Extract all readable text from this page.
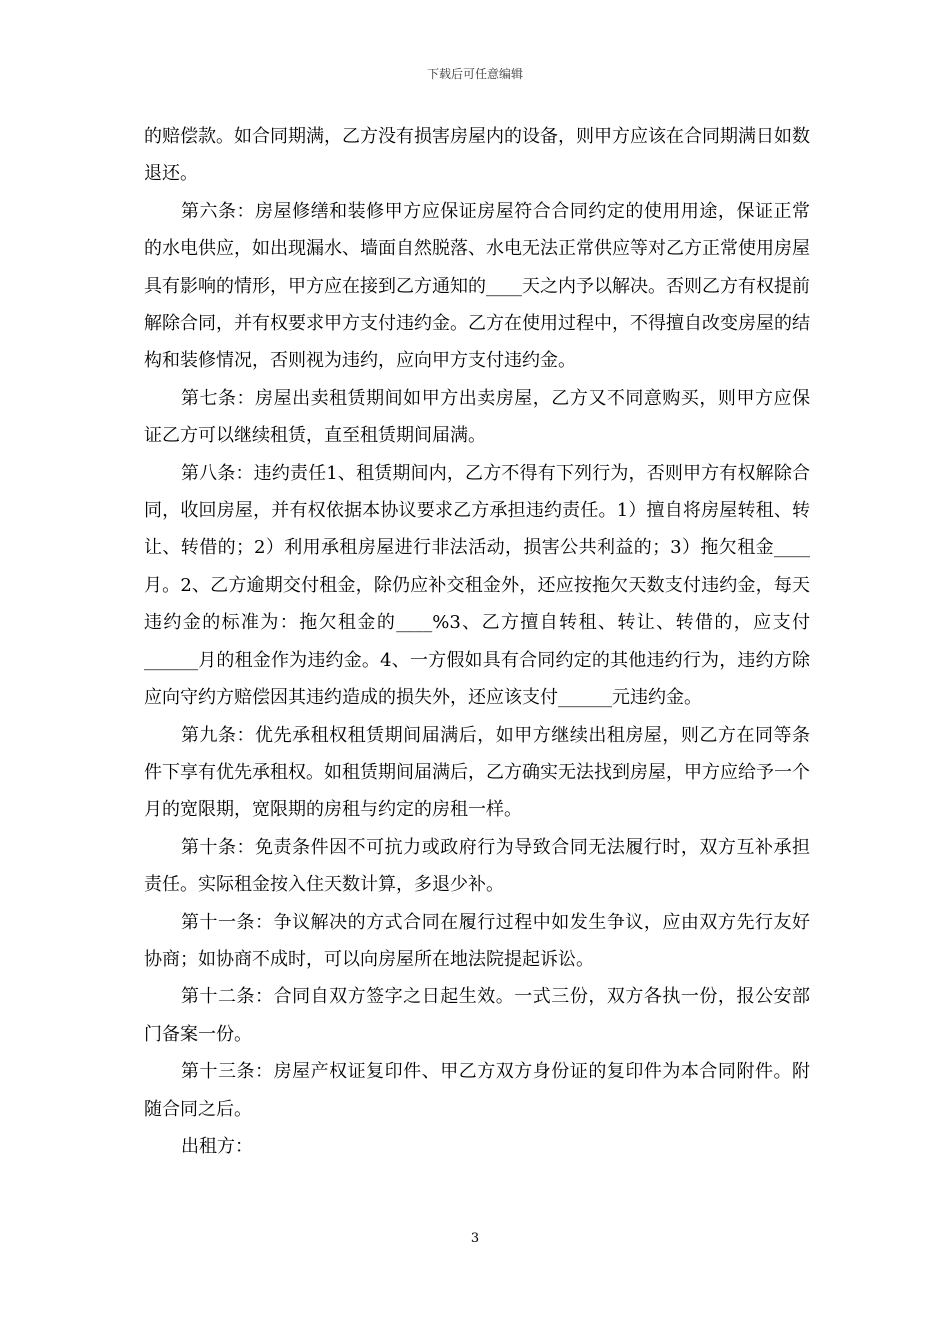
下载后可任意编辑

的赔偿款。如合同期满，乙方没有损害房屋内的设备，则甲方应该在合同期满日如数退还。

第六条：房屋修缮和装修甲方应保证房屋符合合同约定的使用用途，保证正常的水电供应，如出现漏水、墙面自然脱落、水电无法正常供应等对乙方正常使用房屋具有影响的情形，甲方应在接到乙方通知的____天之内予以解决。否则乙方有权提前解除合同，并有权要求甲方支付违约金。乙方在使用过程中，不得擅自改变房屋的结构和装修情况，否则视为违约，应向甲方支付违约金。

第七条：房屋出卖租赁期间如甲方出卖房屋，乙方又不同意购买，则甲方应保证乙方可以继续租赁，直至租赁期间届满。

第八条：违约责任1、租赁期间内，乙方不得有下列行为，否则甲方有权解除合同，收回房屋，并有权依据本协议要求乙方承担违约责任。1）擅自将房屋转租、转让、转借的；2）利用承租房屋进行非法活动，损害公共利益的；3）拖欠租金____月。2、乙方逾期交付租金，除仍应补交租金外，还应按拖欠天数支付违约金，每天违约金的标准为：拖欠租金的____%3、乙方擅自转租、转让、转借的，应支付______月的租金作为违约金。4、一方假如具有合同约定的其他违约行为，违约方除应向守约方赔偿因其违约造成的损失外，还应该支付______元违约金。

第九条：优先承租权租赁期间届满后，如甲方继续出租房屋，则乙方在同等条件下享有优先承租权。如租赁期间届满后，乙方确实无法找到房屋，甲方应给予一个月的宽限期，宽限期的房租与约定的房租一样。

第十条：免责条件因不可抗力或政府行为导致合同无法履行时，双方互补承担责任。实际租金按入住天数计算，多退少补。

第十一条：争议解决的方式合同在履行过程中如发生争议，应由双方先行友好协商；如协商不成时，可以向房屋所在地法院提起诉讼。

第十二条：合同自双方签字之日起生效。一式三份，双方各执一份，报公安部门备案一份。

第十三条：房屋产权证复印件、甲乙方双方身份证的复印件为本合同附件。附随合同之后。

出租方：

3
